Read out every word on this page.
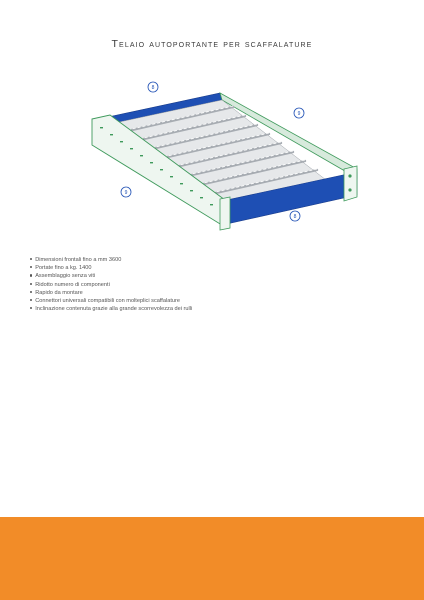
Telaio autoportante per scaffalature
8
9
9
8
Dimensioni frontali fino a mm 3600
Portate fino a kg. 1400
Assemblaggio senza viti
Ridotto numero di componenti
Rapido da montare
Connettori universali compatibili con molteplici scaffalature
Inclinazione contenuta grazie alla grande scorrevolezza dei rulli
